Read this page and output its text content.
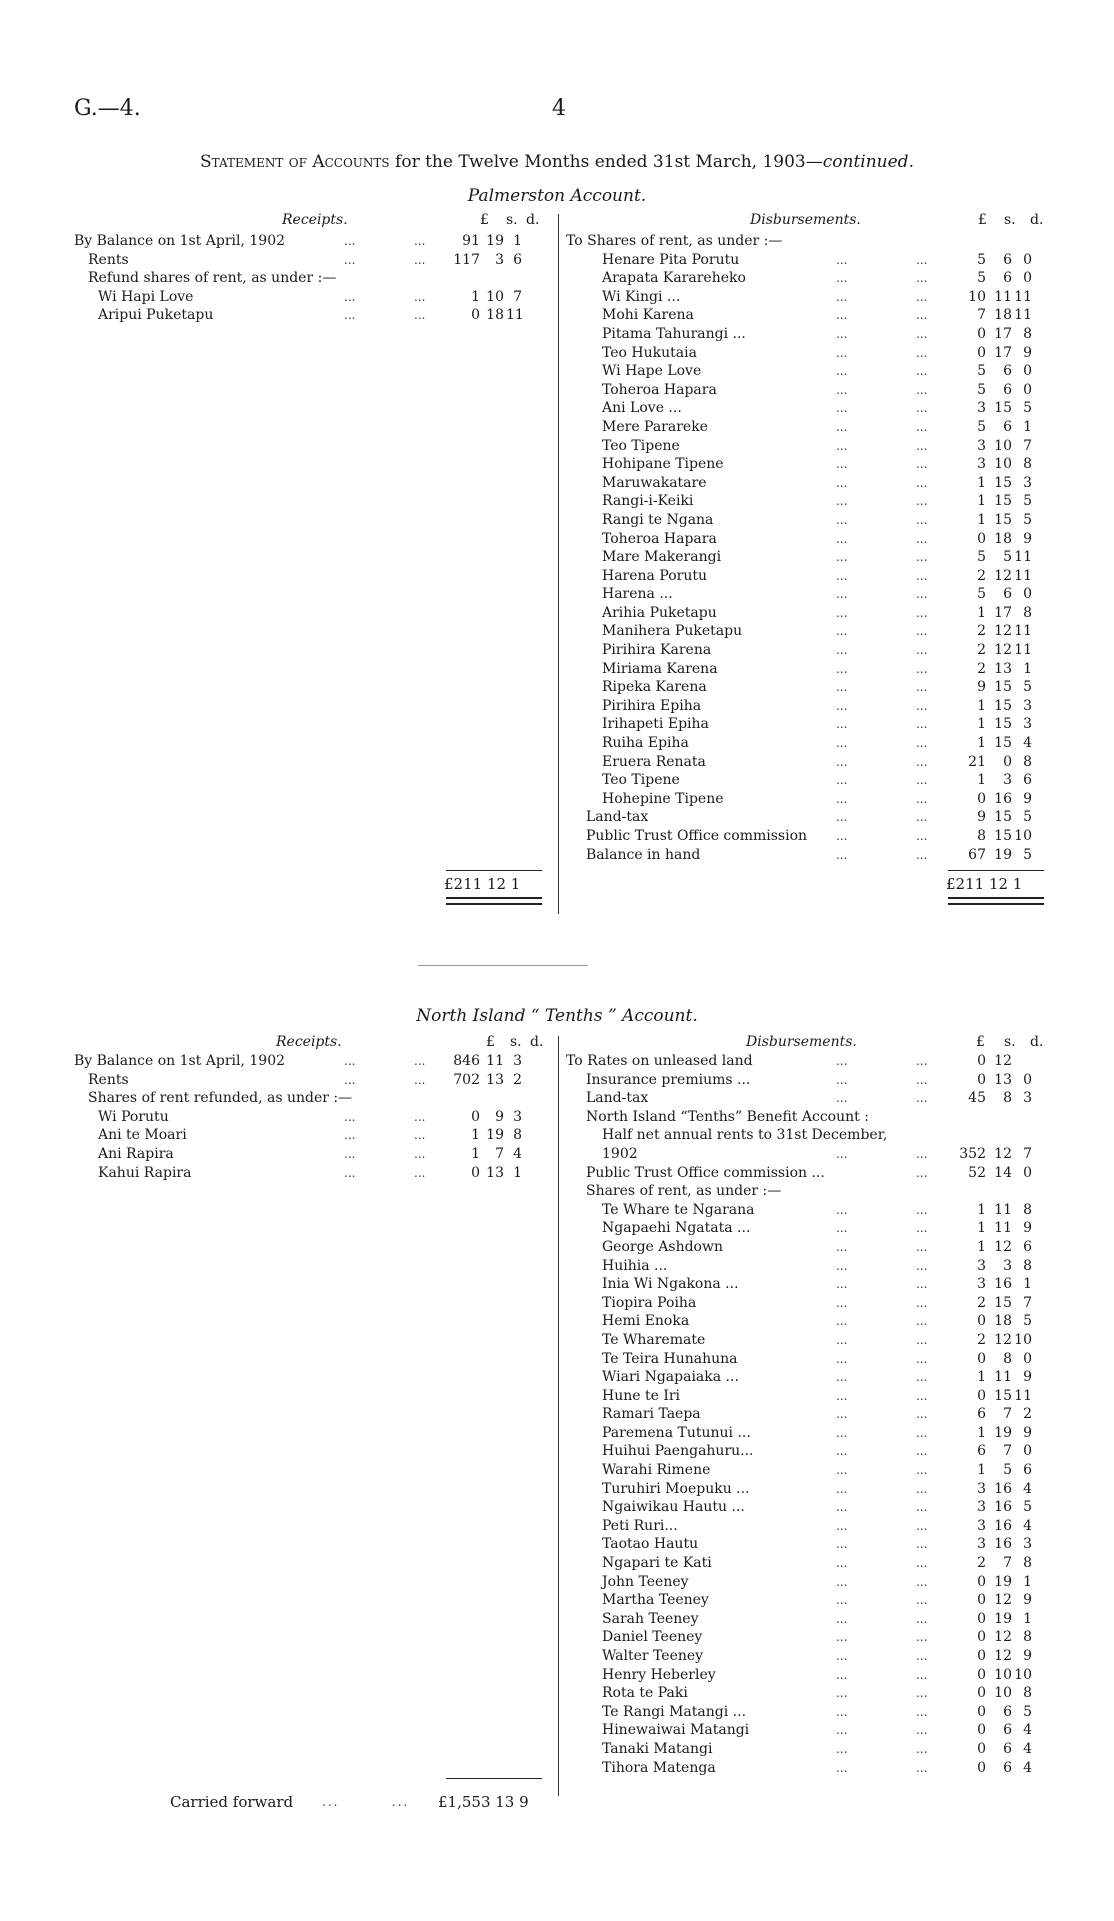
G.—4.	4
Statement of Accounts for the Twelve Months ended 31st March, 1903—continued.
Palmerston Account.
Receipts.	Disbursements.
£ s. d.	£ s. d.
By Balance on 1st April, 1902	...	...	91 19 1
Rents	...	...	117	3 6
Refund shares of rent, as under :—
Wi Hapi Love	...	...	1 10 7
Aripui Puketapu	...	...	0 18 11
To Shares of rent, as under :—
Henare Pita Porutu	...	...	5	6 0
Arapata Karareheko	...	...	5	6 0
Wi Kingi ...	...	...	10 11 11
Mohi Karena	...	...	7 18 11
Pitama Tahurangi ...	...	...	0 17 8
Teo Hukutaia	...	...	0 17 9
Wi Hape Love	...	...	5	6 0
Toheroa Hapara	...	...	5	6 0
Ani Love ...	...	...	3 15 5
Mere Parareke	...	...	5	6 1
Teo Tipene	...	...	3 10 7
Hohipane Tipene	...	...	3 10 8
Maruwakatare	...	...	1 15 3
Rangi-i-Keiki	...	...	1 15 5
Rangi te Ngana	...	...	1 15 5
Toheroa Hapara	...	...	0 18 9
Mare Makerangi	...	...	5	5 11
Harena Porutu	...	...	2 12 11
Harena ...	...	...	5	6 0
Arihia Puketapu	...	...	1 17 8
Manihera Puketapu	...	...	2 12 11
Pirihira Karena	...	...	2 12 11
Miriama Karena	...	...	2 13 1
Ripeka Karena	...	...	9 15 5
Pirihira Epiha	...	...	1 15 3
Irihapeti Epiha	...	...	1 15 3
Ruiha Epiha	...	...	1 15 4
Eruera Renata	...	...	21	0 8
Teo Tipene	...	...	1	3 6
Hohepine Tipene	...	...	0 16 9
Land-tax	...	...	9 15 5
Public Trust Office commission ...	...	8 15 10
Balance in hand	...	...	67 19 5
£211 12 1	£211 12 1
North Island “ Tenths ” Account.
Receipts.	Disbursements.
£ s. d.	£ s. d.
By Balance on 1st April, 1902	...	...	846 11 3
Rents	...	...	702 13 2
Shares of rent refunded, as under :—
Wi Porutu	...	...	0	9 3
Ani te Moari	...	...	1 19 8
Ani Rapira	...	...	1	7 4
Kahui Rapira	...	...	0 13 1
To Rates on unleased land	...	...	0 12
Insurance premiums ...	...	...	0 13 0
Land-tax	...	...	45	8 3
North Island “Tenths” Benefit Account :
Half net annual rents to 31st December,
1902	...	...	352 12 7
Public Trust Office commission ...	...	52 14 0
Shares of rent, as under :—
Te Whare te Ngarana	...	...	1 11 8
Ngapaehi Ngatata ...	...	...	1 11 9
George Ashdown	...	...	1 12 6
Huihia ...	...	...	3	3 8
Inia Wi Ngakona ...	...	...	3 16 1
Tiopira Poiha	...	...	2 15 7
Hemi Enoka	...	...	0 18 5
Te Wharemate	...	...	2 12 10
Te Teira Hunahuna	...	...	0	8 0
Wiari Ngapaiaka ...	...	...	1 11 9
Hune te Iri	...	...	0 15 11
Ramari Taepa	...	...	6	7 2
Paremena Tutunui ...	...	...	1 19 9
Huihui Paengahuru...	...	...	6	7 0
Warahi Rimene	...	...	1	5 6
Turuhiri Moepuku ...	...	...	3 16 4
Ngaiwikau Hautu ...	...	...	3 16 5
Peti Ruri...	...	...	3 16 4
Taotao Hautu	...	...	3 16 3
Ngapari te Kati	...	...	2	7 8
John Teeney	...	...	0 19 1
Martha Teeney	...	...	0 12 9
Sarah Teeney	...	...	0 19 1
Daniel Teeney	...	...	0 12 8
Walter Teeney	...	...	0 12 9
Henry Heberley	...	...	0 10 10
Rota te Paki	...	...	0 10 8
Te Rangi Matangi ...	...	...	0	6 5
Hinewaiwai Matangi	...	...	0	6 4
Tanaki Matangi	...	...	0	6 4
Tihora Matenga	...	...	0	6 4
Carried forward ...         ... £1,553 13 9
